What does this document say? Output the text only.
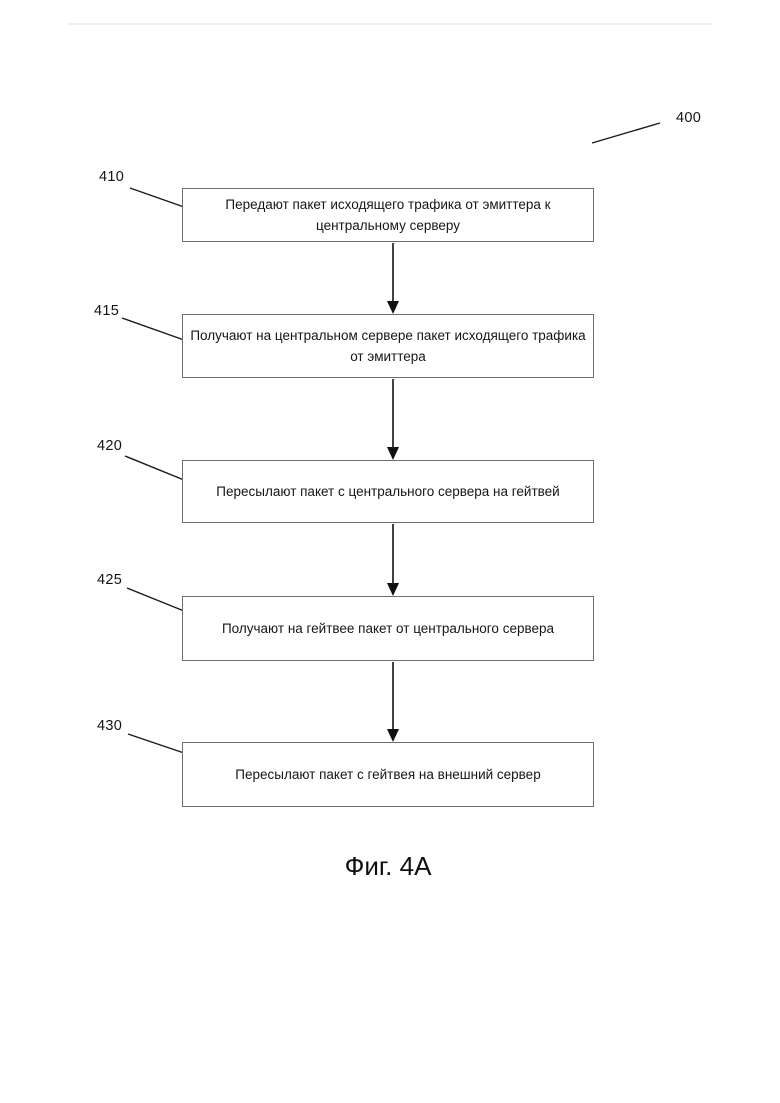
400
410
415
420
425
430
Передают пакет исходящего трафика от эмиттера к центральному серверу
Получают на центральном сервере пакет исходящего трафика от эмиттера
Пересылают пакет с центрального сервера на гейтвей
Получают на гейтвее пакет от центрального сервера
Пересылают пакет с гейтвея на внешний сервер
Фиг. 4А
